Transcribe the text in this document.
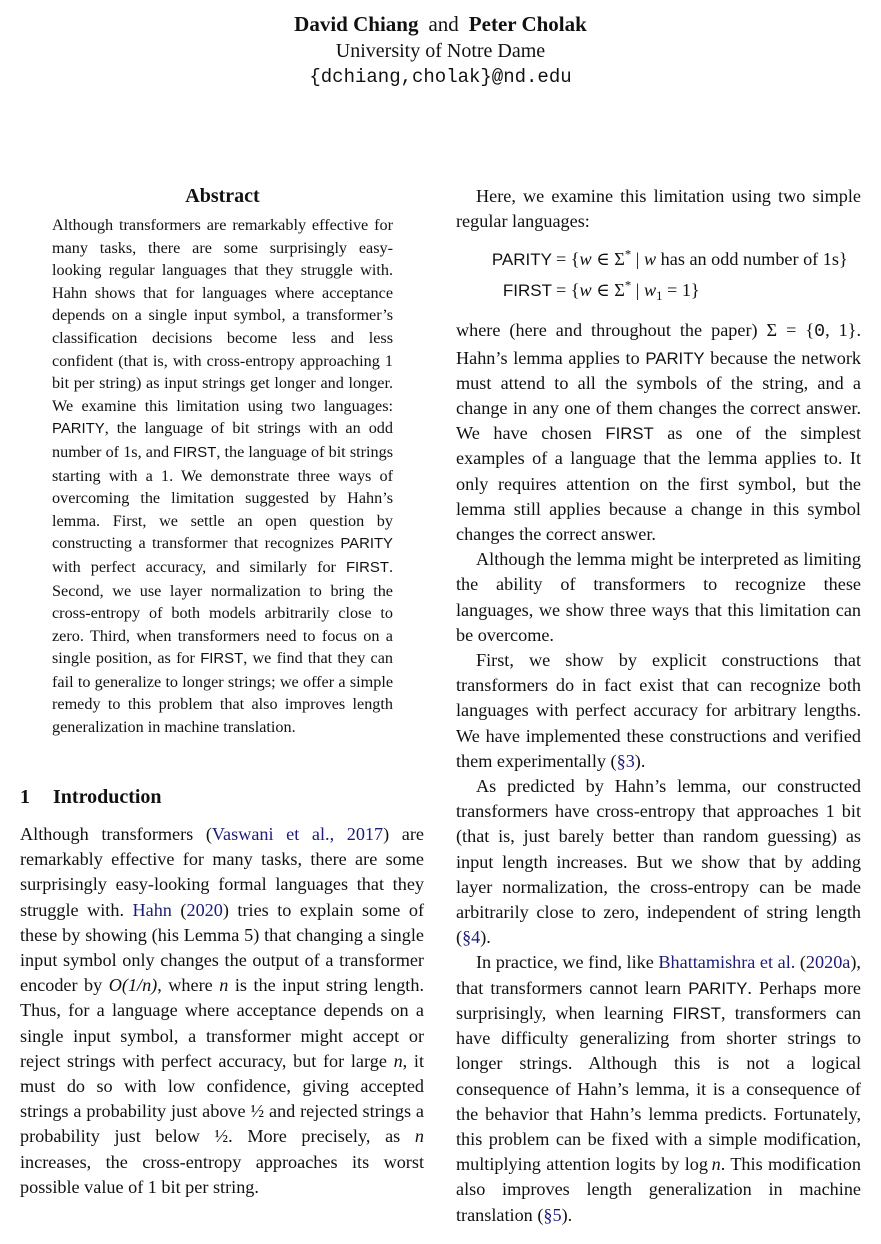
David Chiang and Peter Cholak
University of Notre Dame
{dchiang,cholak}@nd.edu
Abstract

Although transformers are remarkably effective for many tasks, there are some surprisingly easy-looking regular languages that they struggle with. Hahn shows that for languages where acceptance depends on a single input symbol, a transformer’s classification decisions become less and less confident (that is, with cross-entropy approaching 1 bit per string) as input strings get longer and longer. We examine this limitation using two languages: PARITY, the language of bit strings with an odd number of 1s, and FIRST, the language of bit strings starting with a 1. We demonstrate three ways of overcoming the limitation suggested by Hahn’s lemma. First, we settle an open question by constructing a transformer that recognizes PARITY with perfect accuracy, and similarly for FIRST. Second, we use layer normalization to bring the cross-entropy of both models arbitrarily close to zero. Third, when transformers need to focus on a single position, as for FIRST, we find that they can fail to generalize to longer strings; we offer a simple remedy to this problem that also improves length generalization in machine translation.

1 Introduction

Although transformers (Vaswani et al., 2017) are remarkably effective for many tasks, there are some surprisingly easy-looking formal languages that they struggle with. Hahn (2020) tries to explain some of these by showing (his Lemma 5) that changing a single input symbol only changes the output of a transformer encoder by O(1/n), where n is the input string length. Thus, for a language where acceptance depends on a single input symbol, a transformer might accept or reject strings with perfect accuracy, but for large n, it must do so with low confidence, giving accepted strings a probability just above ½ and rejected strings a probability just below ½. More precisely, as n increases, the cross-entropy approaches its worst possible value of 1 bit per string.

Here, we examine this limitation using two simple regular languages:

PARITY = {w ∈ Σ* | w has an odd number of 1s}
FIRST = {w ∈ Σ* | $w_1 = 1$}

where (here and throughout the paper) Σ = {0, 1}. Hahn’s lemma applies to PARITY because the network must attend to all the symbols of the string, and a change in any one of them changes the correct answer. We have chosen FIRST as one of the simplest examples of a language that the lemma applies to. It only requires attention on the first symbol, but the lemma still applies because a change in this symbol changes the correct answer.

Although the lemma might be interpreted as limiting the ability of transformers to recognize these languages, we show three ways that this limitation can be overcome.

First, we show by explicit constructions that transformers do in fact exist that can recognize both languages with perfect accuracy for arbitrary lengths. We have implemented these constructions and verified them experimentally (§3).

As predicted by Hahn’s lemma, our constructed transformers have cross-entropy that approaches 1 bit (that is, just barely better than random guessing) as input length increases. But we show that by adding layer normalization, the cross-entropy can be made arbitrarily close to zero, independent of string length (§4).

In practice, we find, like Bhattamishra et al. (2020a), that transformers cannot learn PARITY. Perhaps more surprisingly, when learning FIRST, transformers can have difficulty generalizing from shorter strings to longer strings. Although this is not a logical consequence of Hahn’s lemma, it is a consequence of the behavior that Hahn’s lemma predicts. Fortunately, this problem can be fixed with a simple modification, multiplying attention logits by log n. This modification also improves length generalization in machine translation (§5).
